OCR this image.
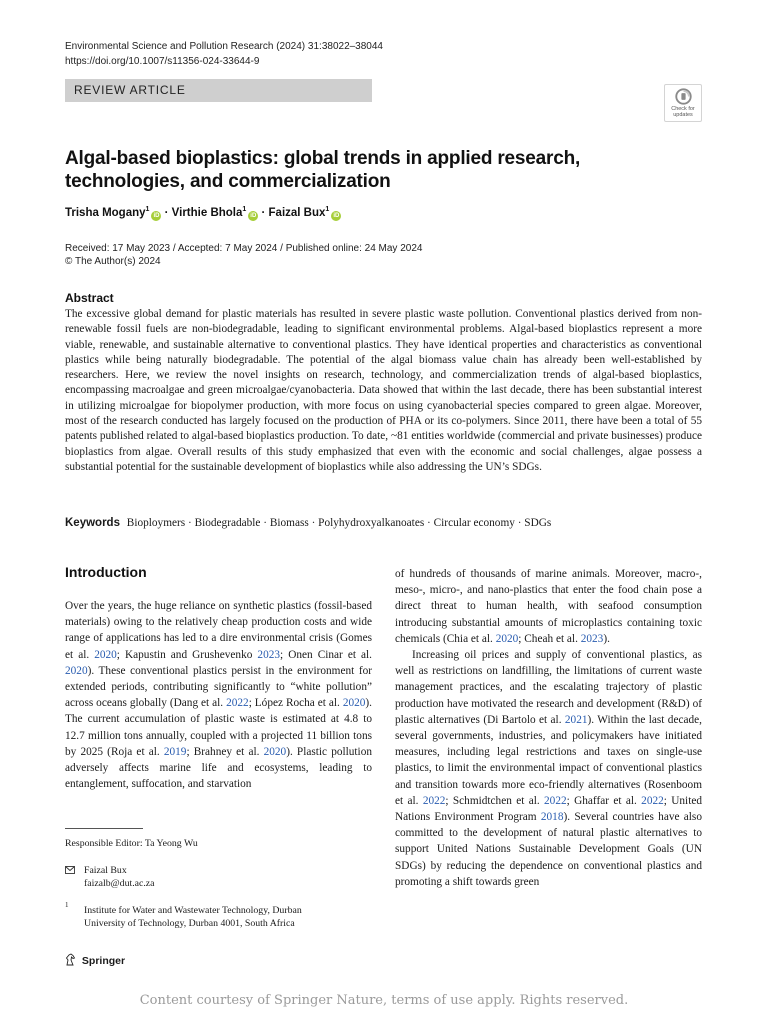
Environmental Science and Pollution Research (2024) 31:38022–38044
https://doi.org/10.1007/s11356-024-33644-9
REVIEW ARTICLE
Check for
updates
Algal-based bioplastics: global trends in applied research, technologies, and commercialization
Trisha Mogany$^1$iD · Virthie Bhola$^1$iD · Faizal Bux$^1$iD
Received: 17 May 2023 / Accepted: 7 May 2024 / Published online: 24 May 2024
© The Author(s) 2024
Abstract

The excessive global demand for plastic materials has resulted in severe plastic waste pollution. Conventional plastics derived from non-renewable fossil fuels are non-biodegradable, leading to significant environmental problems. Algal-based bioplastics represent a more viable, renewable, and sustainable alternative to conventional plastics. They have identical properties and characteristics as conventional plastics while being naturally biodegradable. The potential of the algal biomass value chain has already been well-established by researchers. Here, we review the novel insights on research, technology, and commercialization trends of algal-based bioplastics, encompassing macroalgae and green microalgae/cyanobacteria. Data showed that within the last decade, there has been substantial interest in utilizing microalgae for biopolymer production, with more focus on using cyanobacterial species compared to green algae. Moreover, most of the research conducted has largely focused on the production of PHA or its co-polymers. Since 2011, there have been a total of 55 patents published related to algal-based bioplastics production. To date, ~81 entities worldwide (commercial and private businesses) produce bioplastics from algae. Overall results of this study emphasized that even with the economic and social challenges, algae possess a substantial potential for the sustainable development of bioplastics while also addressing the UN’s SDGs.

Keywords Bioploymers · Biodegradable · Biomass · Polyhydroxyalkanoates · Circular economy · SDGs
Introduction

Over the years, the huge reliance on synthetic plastics (fossil-based materials) owing to the relatively cheap production costs and wide range of applications has led to a dire environmental crisis (Gomes et al. 2020; Kapustin and Grushevenko 2023; Onen Cinar et al. 2020). These conventional plastics persist in the environment for extended periods, contributing significantly to “white pollution” across oceans globally (Dang et al. 2022; López Rocha et al. 2020). The current accumulation of plastic waste is estimated at 4.8 to 12.7 million tons annually, coupled with a projected 11 billion tons by 2025 (Roja et al. 2019; Brahney et al. 2020). Plastic pollution adversely affects marine life and ecosystems, leading to entanglement, suffocation, and starvation

of hundreds of thousands of marine animals. Moreover, macro-, meso-, micro-, and nano-plastics that enter the food chain pose a direct threat to human health, with seafood consumption introducing substantial amounts of microplastics containing toxic chemicals (Chia et al. 2020; Cheah et al. 2023).

Increasing oil prices and supply of conventional plastics, as well as restrictions on landfilling, the limitations of current waste management practices, and the escalating trajectory of plastic production have motivated the research and development (R&D) of plastic alternatives (Di Bartolo et al. 2021). Within the last decade, several governments, industries, and policymakers have initiated measures, including legal restrictions and taxes on single-use plastics, to limit the environmental impact of conventional plastics and transition towards more eco-friendly alternatives (Rosenboom et al. 2022; Schmidtchen et al. 2022; Ghaffar et al. 2022; United Nations Environment Program 2018). Several countries have also committed to the development of natural plastic alternatives to support United Nations Sustainable Development Goals (UN SDGs) by reducing the dependence on conventional plastics and promoting a shift towards green

Responsible Editor: Ta Yeong Wu
Faizal Bux
faizalb@dut.ac.za
1 Institute for Water and Wastewater Technology, Durban University of Technology, Durban 4001, South Africa
Springer
Content courtesy of Springer Nature, terms of use apply. Rights reserved.
